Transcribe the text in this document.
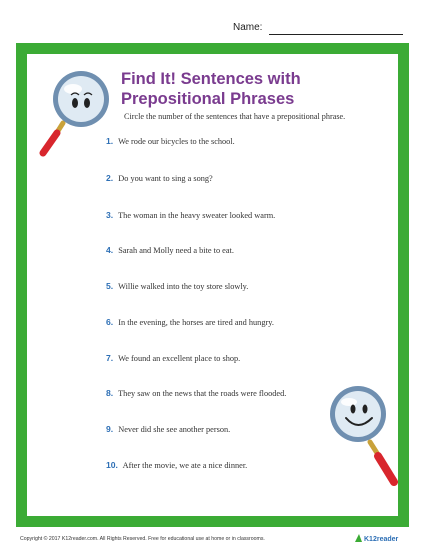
Name:
Find It! Sentences with
Prepositional Phrases
Circle the number of the sentences that have a prepositional phrase.
1. We rode our bicycles to the school.
2. Do you want to sing a song?
3. The woman in the heavy sweater looked warm.
4. Sarah and Molly need a bite to eat.
5. Willie walked into the toy store slowly.
6. In the evening, the horses are tired and hungry.
7. We found an excellent place to shop.
8. They saw on the news that the roads were flooded.
9. Never did she see another person.
10. After the movie, we ate a nice dinner.
Copyright © 2017 K12reader.com. All Rights Reserved. Free for educational use at home or in classrooms.	K12reader
